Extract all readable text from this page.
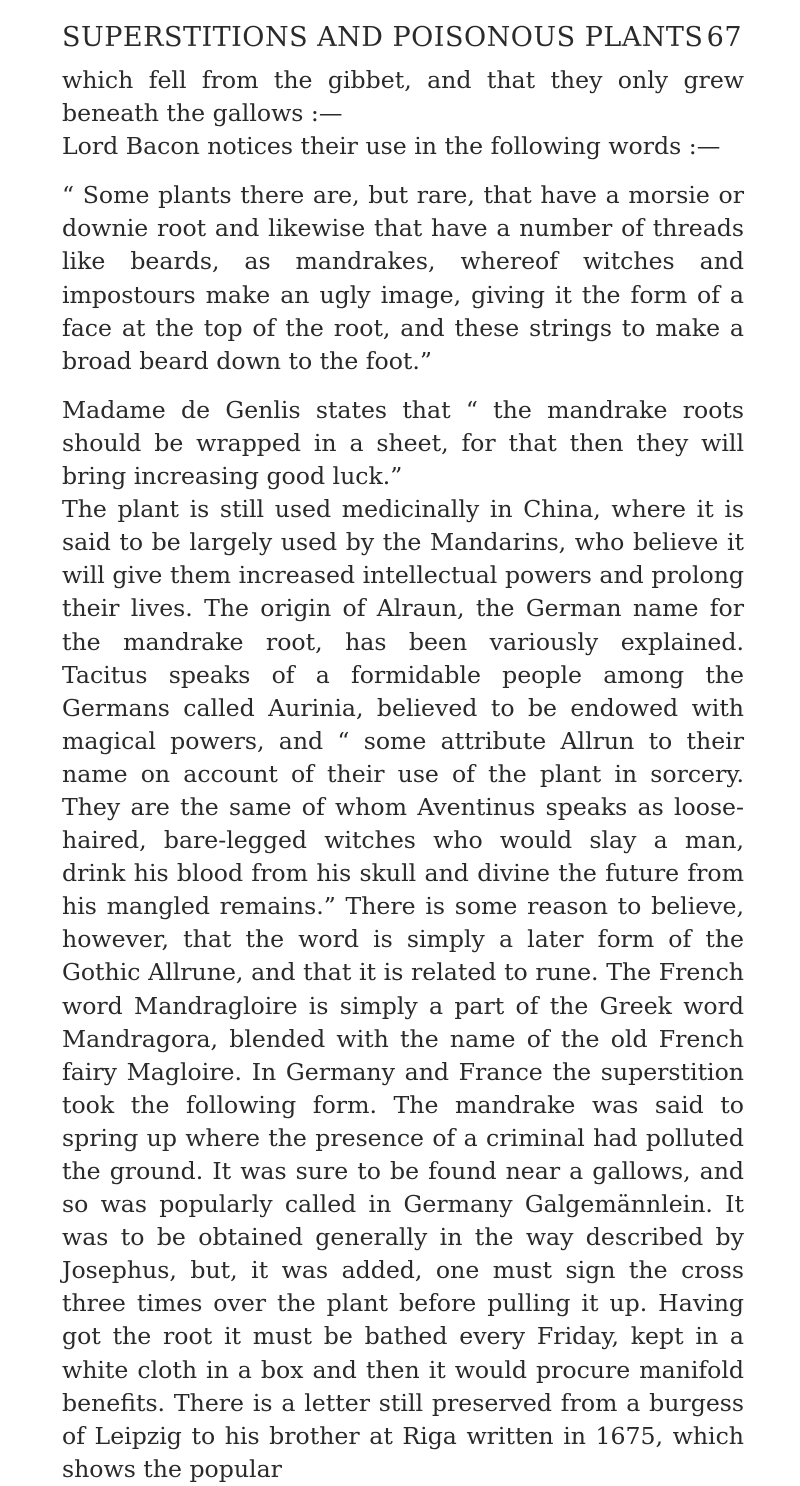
SUPERSTITIONS AND POISONOUS PLANTS 67

which fell from the gibbet, and that they only grew beneath the gallows :—

Lord Bacon notices their use in the following words :—

“ Some plants there are, but rare, that have a morsie or downie root and likewise that have a number of threads like beards, as mandrakes, whereof witches and impostours make an ugly image, giving it the form of a face at the top of the root, and these strings to make a broad beard down to the foot.”

Madame de Genlis states that “ the mandrake roots should be wrapped in a sheet, for that then they will bring increasing good luck.”

The plant is still used medicinally in China, where it is said to be largely used by the Mandarins, who believe it will give them increased intellectual powers and prolong their lives. The origin of Alraun, the German name for the mandrake root, has been variously explained. Tacitus speaks of a formidable people among the Germans called Aurinia, believed to be endowed with magical powers, and “ some attribute Allrun to their name on account of their use of the plant in sorcery. They are the same of whom Aventinus speaks as loose-haired, bare-legged witches who would slay a man, drink his blood from his skull and divine the future from his mangled remains.” There is some reason to believe, however, that the word is simply a later form of the Gothic Allrune, and that it is related to rune. The French word Mandragloire is simply a part of the Greek word Mandragora, blended with the name of the old French fairy Magloire. In Germany and France the superstition took the following form. The mandrake was said to spring up where the presence of a criminal had polluted the ground. It was sure to be found near a gallows, and so was popularly called in Germany Galgemännlein. It was to be obtained generally in the way described by Josephus, but, it was added, one must sign the cross three times over the plant before pulling it up. Having got the root it must be bathed every Friday, kept in a white cloth in a box and then it would procure manifold benefits. There is a letter still preserved from a burgess of Leipzig to his brother at Riga written in 1675, which shows the popular
